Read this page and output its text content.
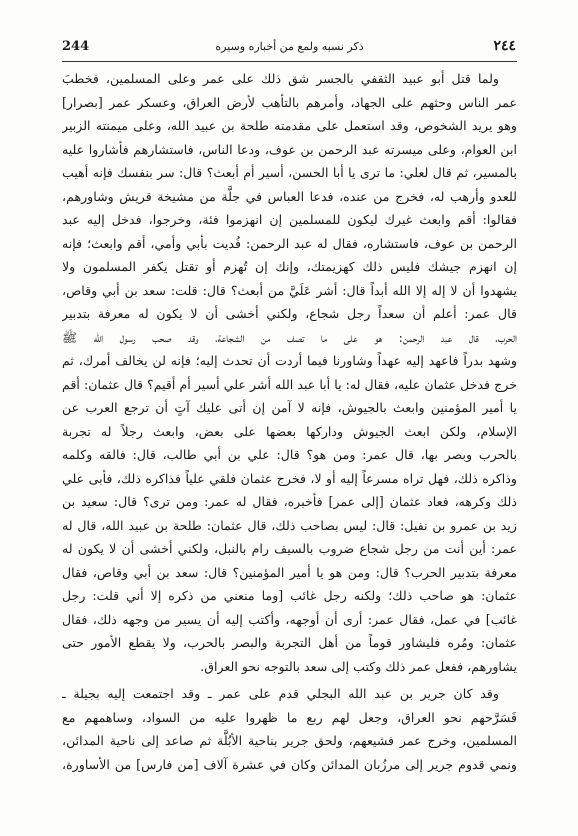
244	ذكر نسبه ولمع من أخباره وسيره	٢٤٤
ولما قتل أبو عبيد الثقفي بالجسر شق ذلك على عمر وعلى المسلمين، فخطبَ
عمر الناس وحثهم على الجهاد، وأمرهم بالتأهب لأرض العراق، وعسكر عمر [بصرار]
وهو يريد الشخوص، وقد استعمل على مقدمته طلحة بن عبيد الله، وعلى ميمنته الزبير
ابن العوام، وعلى ميسرته عبد الرحمن بن عوف، ودعا الناس، فاستشارهم فأشاروا عليه
بالمسير، ثم قال لعلي: ما ترى يا أبا الحسن، أسير أم أبعث؟ قال: سر بنفسك فإنه أهيب
للعدو وأرهب له، فخرج من عنده، فدعا العباس في جلَّة من مشيخة قريش وشاورهم،
فقالوا: أقم وابعث غيرك ليكون للمسلمين إن انهزموا فئة، وخرجوا، فدخل إليه عبد
الرحمن بن عوف، فاستشاره، فقال له عبد الرحمن: فُديت بأبي وأمي، أقم وابعث؛ فإنه
إن انهزم جيشك فليس ذلك كهزيمتك، وإنك إن تُهزم أو تقتل يكفر المسلمون ولا
يشهدوا أن لا إله إلا الله أبداً قال: أشر عَلَيَّ من أبعث؟ قال: قلت: سعد بن أبي وقاص،
قال عمر: أعلم أن سعداً رجل شجاع، ولكني أخشى أن لا يكون له معرفة بتدبير
الحرب، قال عبد الرحمن: هو على ما تصف من الشجاعة، وقد صحب رسول الله ﷺ
وشهد بدراً فاعهد إليه عهداً وشاورنا فيما أردت أن تحدث إليه؛ فإنه لن يخالف أمرك، ثم
خرج فدخل عثمان عليه، فقال له: يا أبا عبد الله أشر علي أسير أم أقيم؟ قال عثمان: أقم
يا أمير المؤمنين وابعث بالجيوش، فإنه لا آمن إن أتى عليك آتٍ أن ترجع العرب عن
الإسلام، ولكن ابعث الجيوش وداركها بعضها على بعض، وابعث رجلاً له تجربة
بالحرب وبصر بها، قال عمر: ومن هو؟ قال: علي بن أبي طالب، قال: فالقه وكلمه
وذاكره ذلك، فهل تراه مسرعاً إليه أو لا، فخرج عثمان فلقي علياً فذاكره ذلك، فأبى علي
ذلك وكرهه، فعاد عثمان [إلى عمر] فأخبره، فقال له عمر: ومن ترى؟ قال: سعيد بن
زيد بن عمرو بن نفيل: قال: ليس بصاحب ذلك، قال عثمان: طلحة بن عبيد الله، قال له
عمر: أين أنت من رجل شجاع ضروب بالسيف رام بالنبل، ولكني أخشى أن لا يكون له
معرفة بتدبير الحرب؟ قال: ومن هو يا أمير المؤمنين؟ قال: سعد بن أبي وقاص، فقال
عثمان: هو صاحب ذلك؛ ولكنه رجل غائب [وما منعني من ذكره إلا أني قلت: رجل
غائب] في عمل، فقال عمر: أرى أن أوجهه، وأكتب إليه أن يسير من وجهه ذلك، فقال
عثمان: ومُره فليشاور قوماً من أهل التجربة والبصر بالحرب، ولا يقطع الأمور حتى
يشاورهم، ففعل عمر ذلك وكتب إلى سعد بالتوجه نحو العراق.
وقد كان جرير بن عبد الله البجلي قدم على عمر ـ وقد اجتمعت إليه بجيلة ـ
فَسَرَّحهم نحو العراق، وجعل لهم ربع ما ظهروا عليه من السواد، وساهمهم مع
المسلمين، وخرج عمر فشيعهم، ولحق جرير بناحية الأبُلَّة ثم صاعد إلى ناحية المدائن،
ونمي قدوم جرير إلى مرزُبان المدائن وكان في عشرة آلاف [من فارس] من الأساورة،
